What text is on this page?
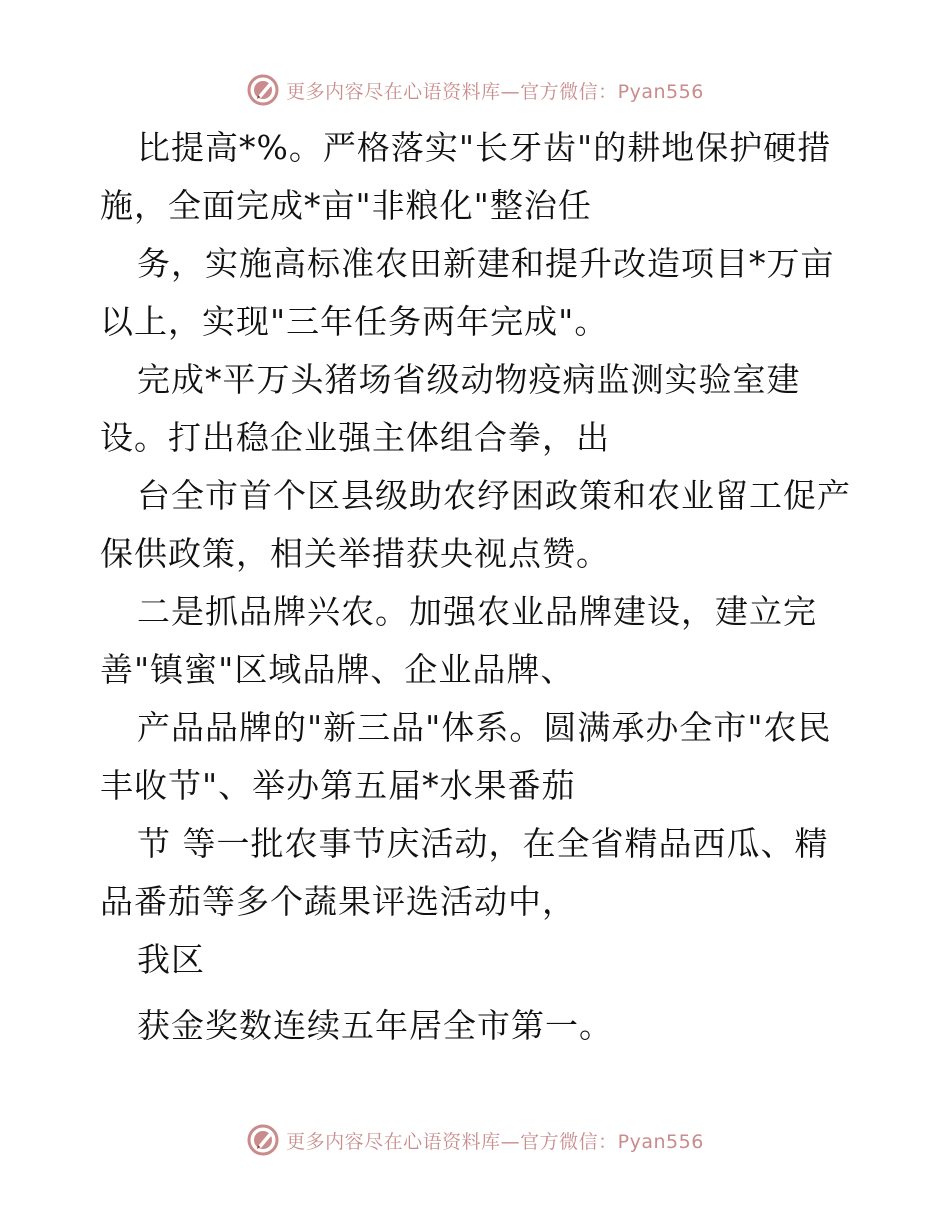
更多内容尽在心语资料库—官方微信：Pyan556
比提高*%。严格落实"长牙齿"的耕地保护硬措
施，全面完成*亩"非粮化"整治任
务，实施高标准农田新建和提升改造项目*万亩
以上，实现"三年任务两年完成"。
完成*平万头猪场省级动物疫病监测实验室建
设。打出稳企业强主体组合拳，出
台全市首个区县级助农纾困政策和农业留工促产
保供政策，相关举措获央视点赞。
二是抓品牌兴农。加强农业品牌建设，建立完
善"镇蜜"区域品牌、企业品牌、
产品品牌的"新三品"体系。圆满承办全市"农民
丰收节"、举办第五届*水果番茄
节 等一批农事节庆活动，在全省精品西瓜、精
品番茄等多个蔬果评选活动中，
我区
获金奖数连续五年居全市第一。
更多内容尽在心语资料库—官方微信：Pyan556
